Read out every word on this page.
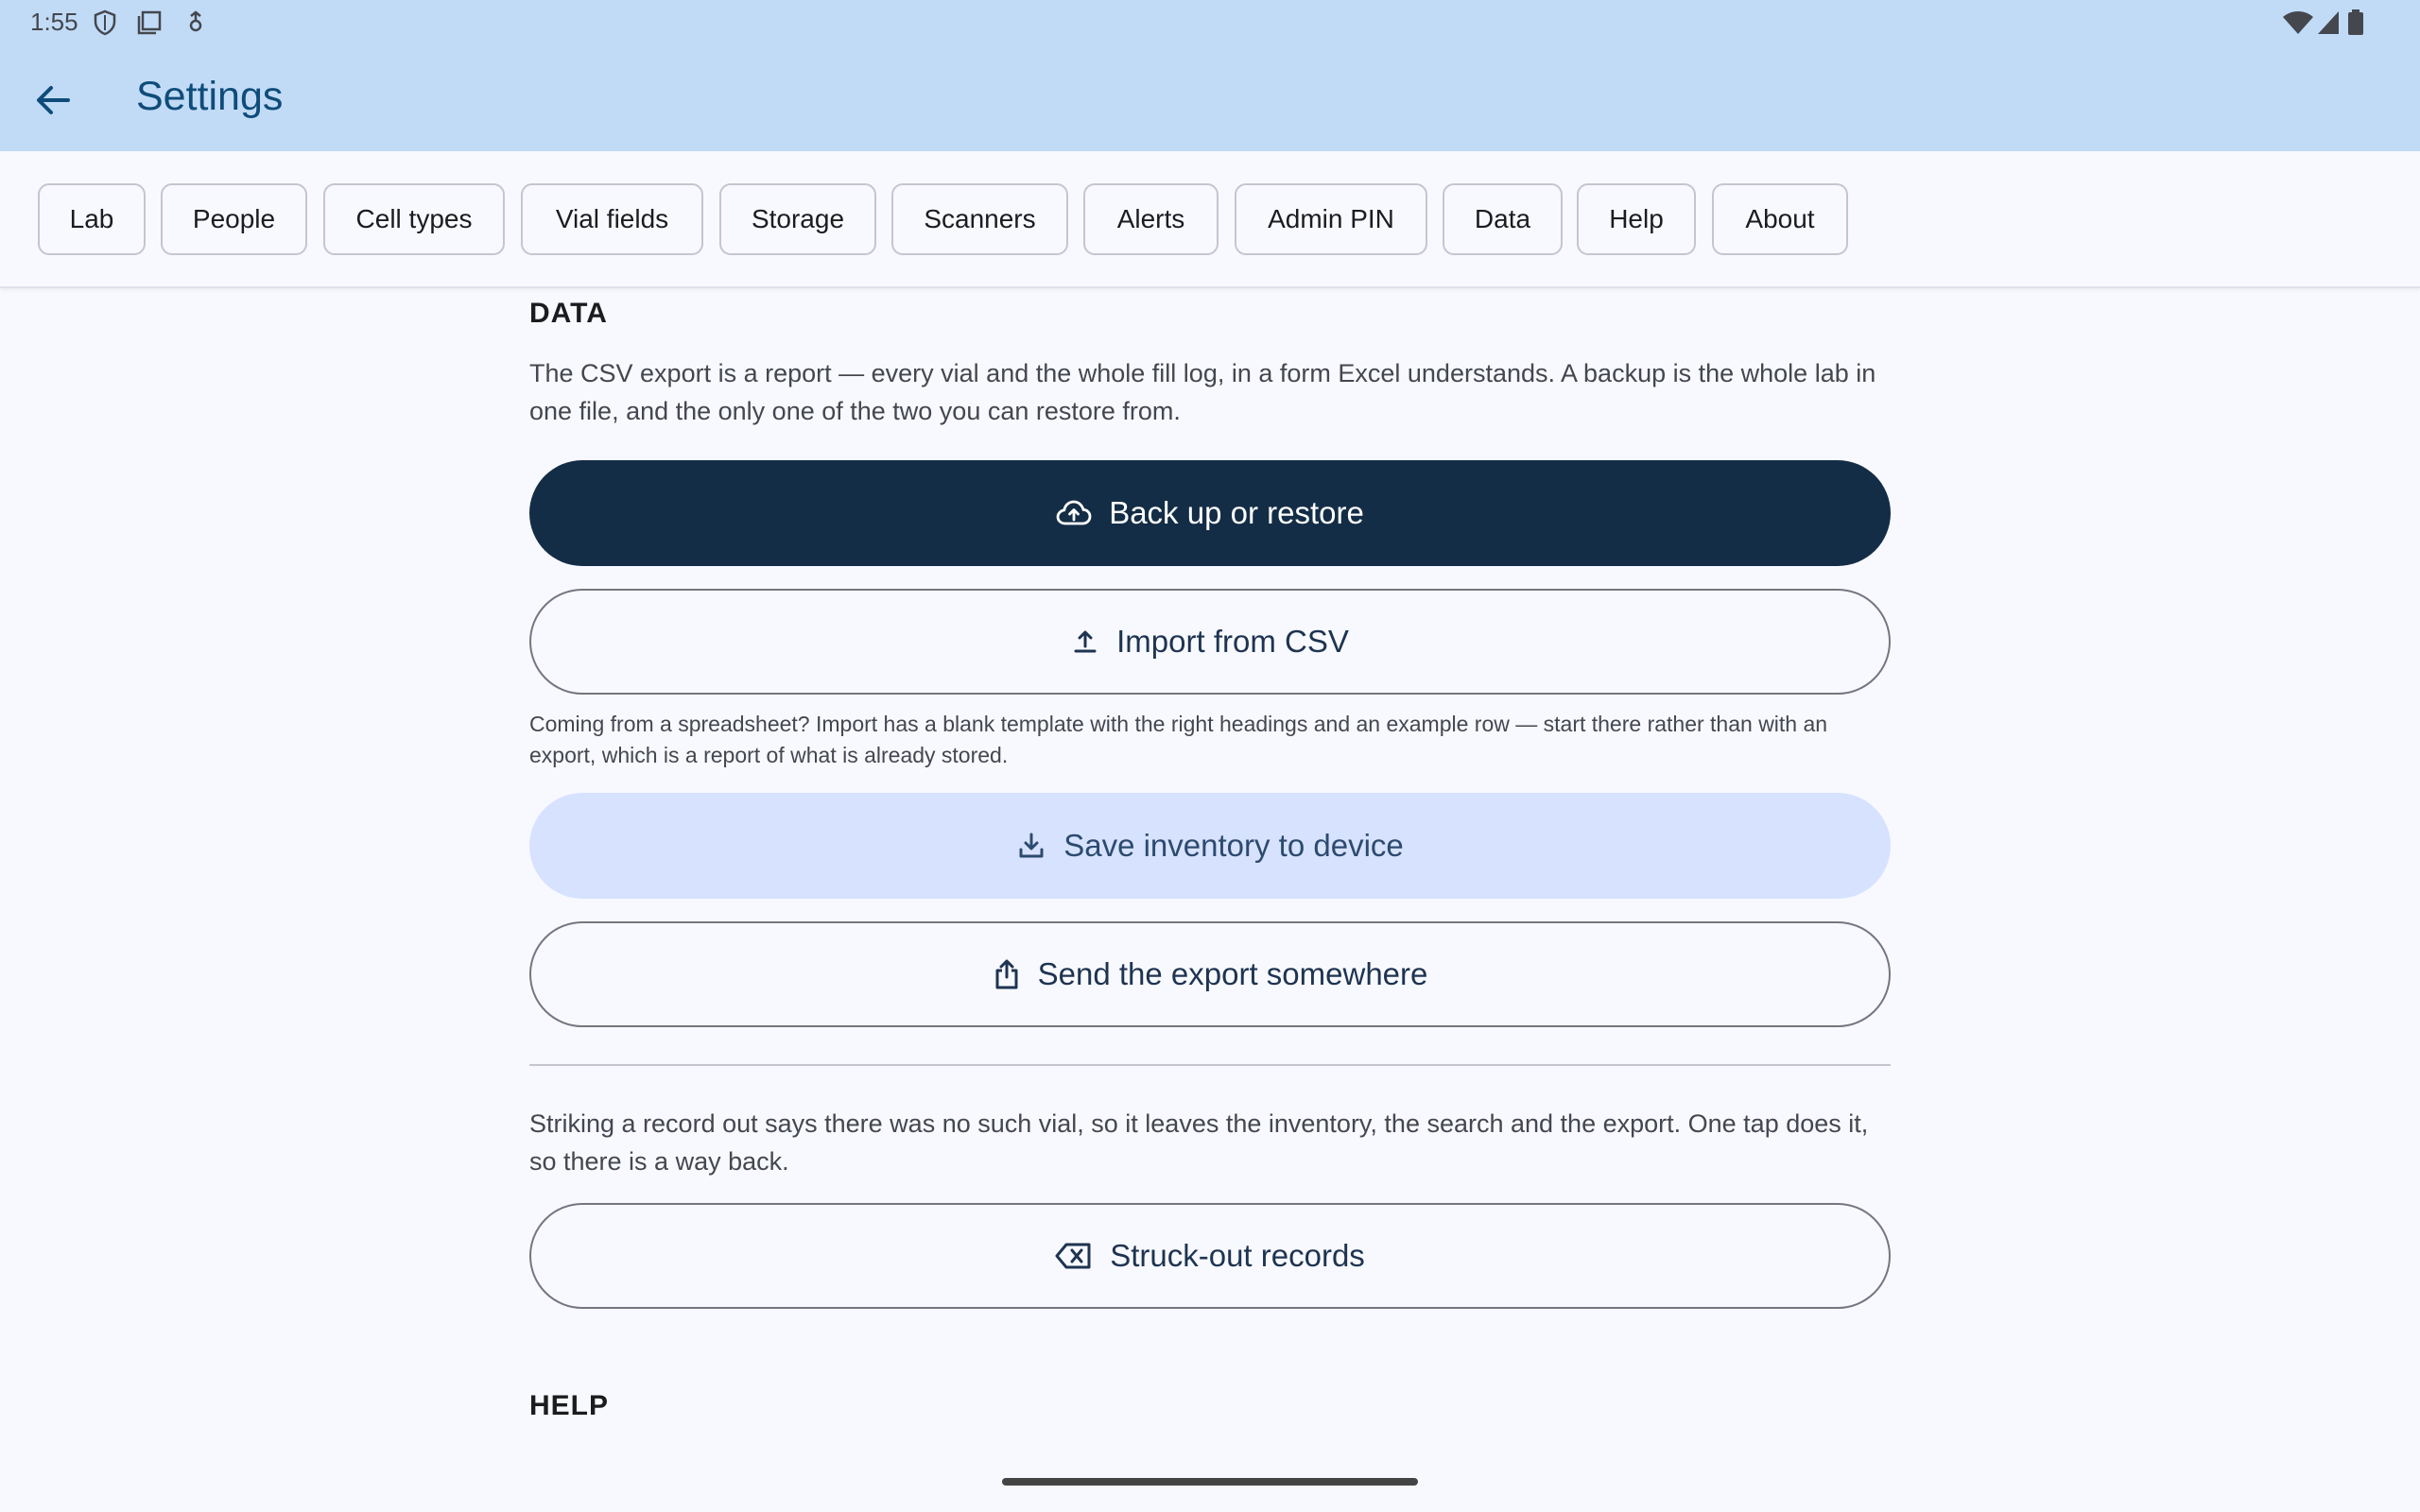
1:55
Settings
Lab	People	Cell types	Vial fields	Storage	Scanners	Alerts	Admin PIN	Data	Help	About
DATA
The CSV export is a report — every vial and the whole fill log, in a form Excel understands. A backup is the whole lab in one file, and the only one of the two you can restore from.
Back up or restore
Import from CSV
Coming from a spreadsheet? Import has a blank template with the right headings and an example row — start there rather than with an export, which is a report of what is already stored.
Save inventory to device
Send the export somewhere
Striking a record out says there was no such vial, so it leaves the inventory, the search and the export. One tap does it, so there is a way back.
Struck-out records
HELP
